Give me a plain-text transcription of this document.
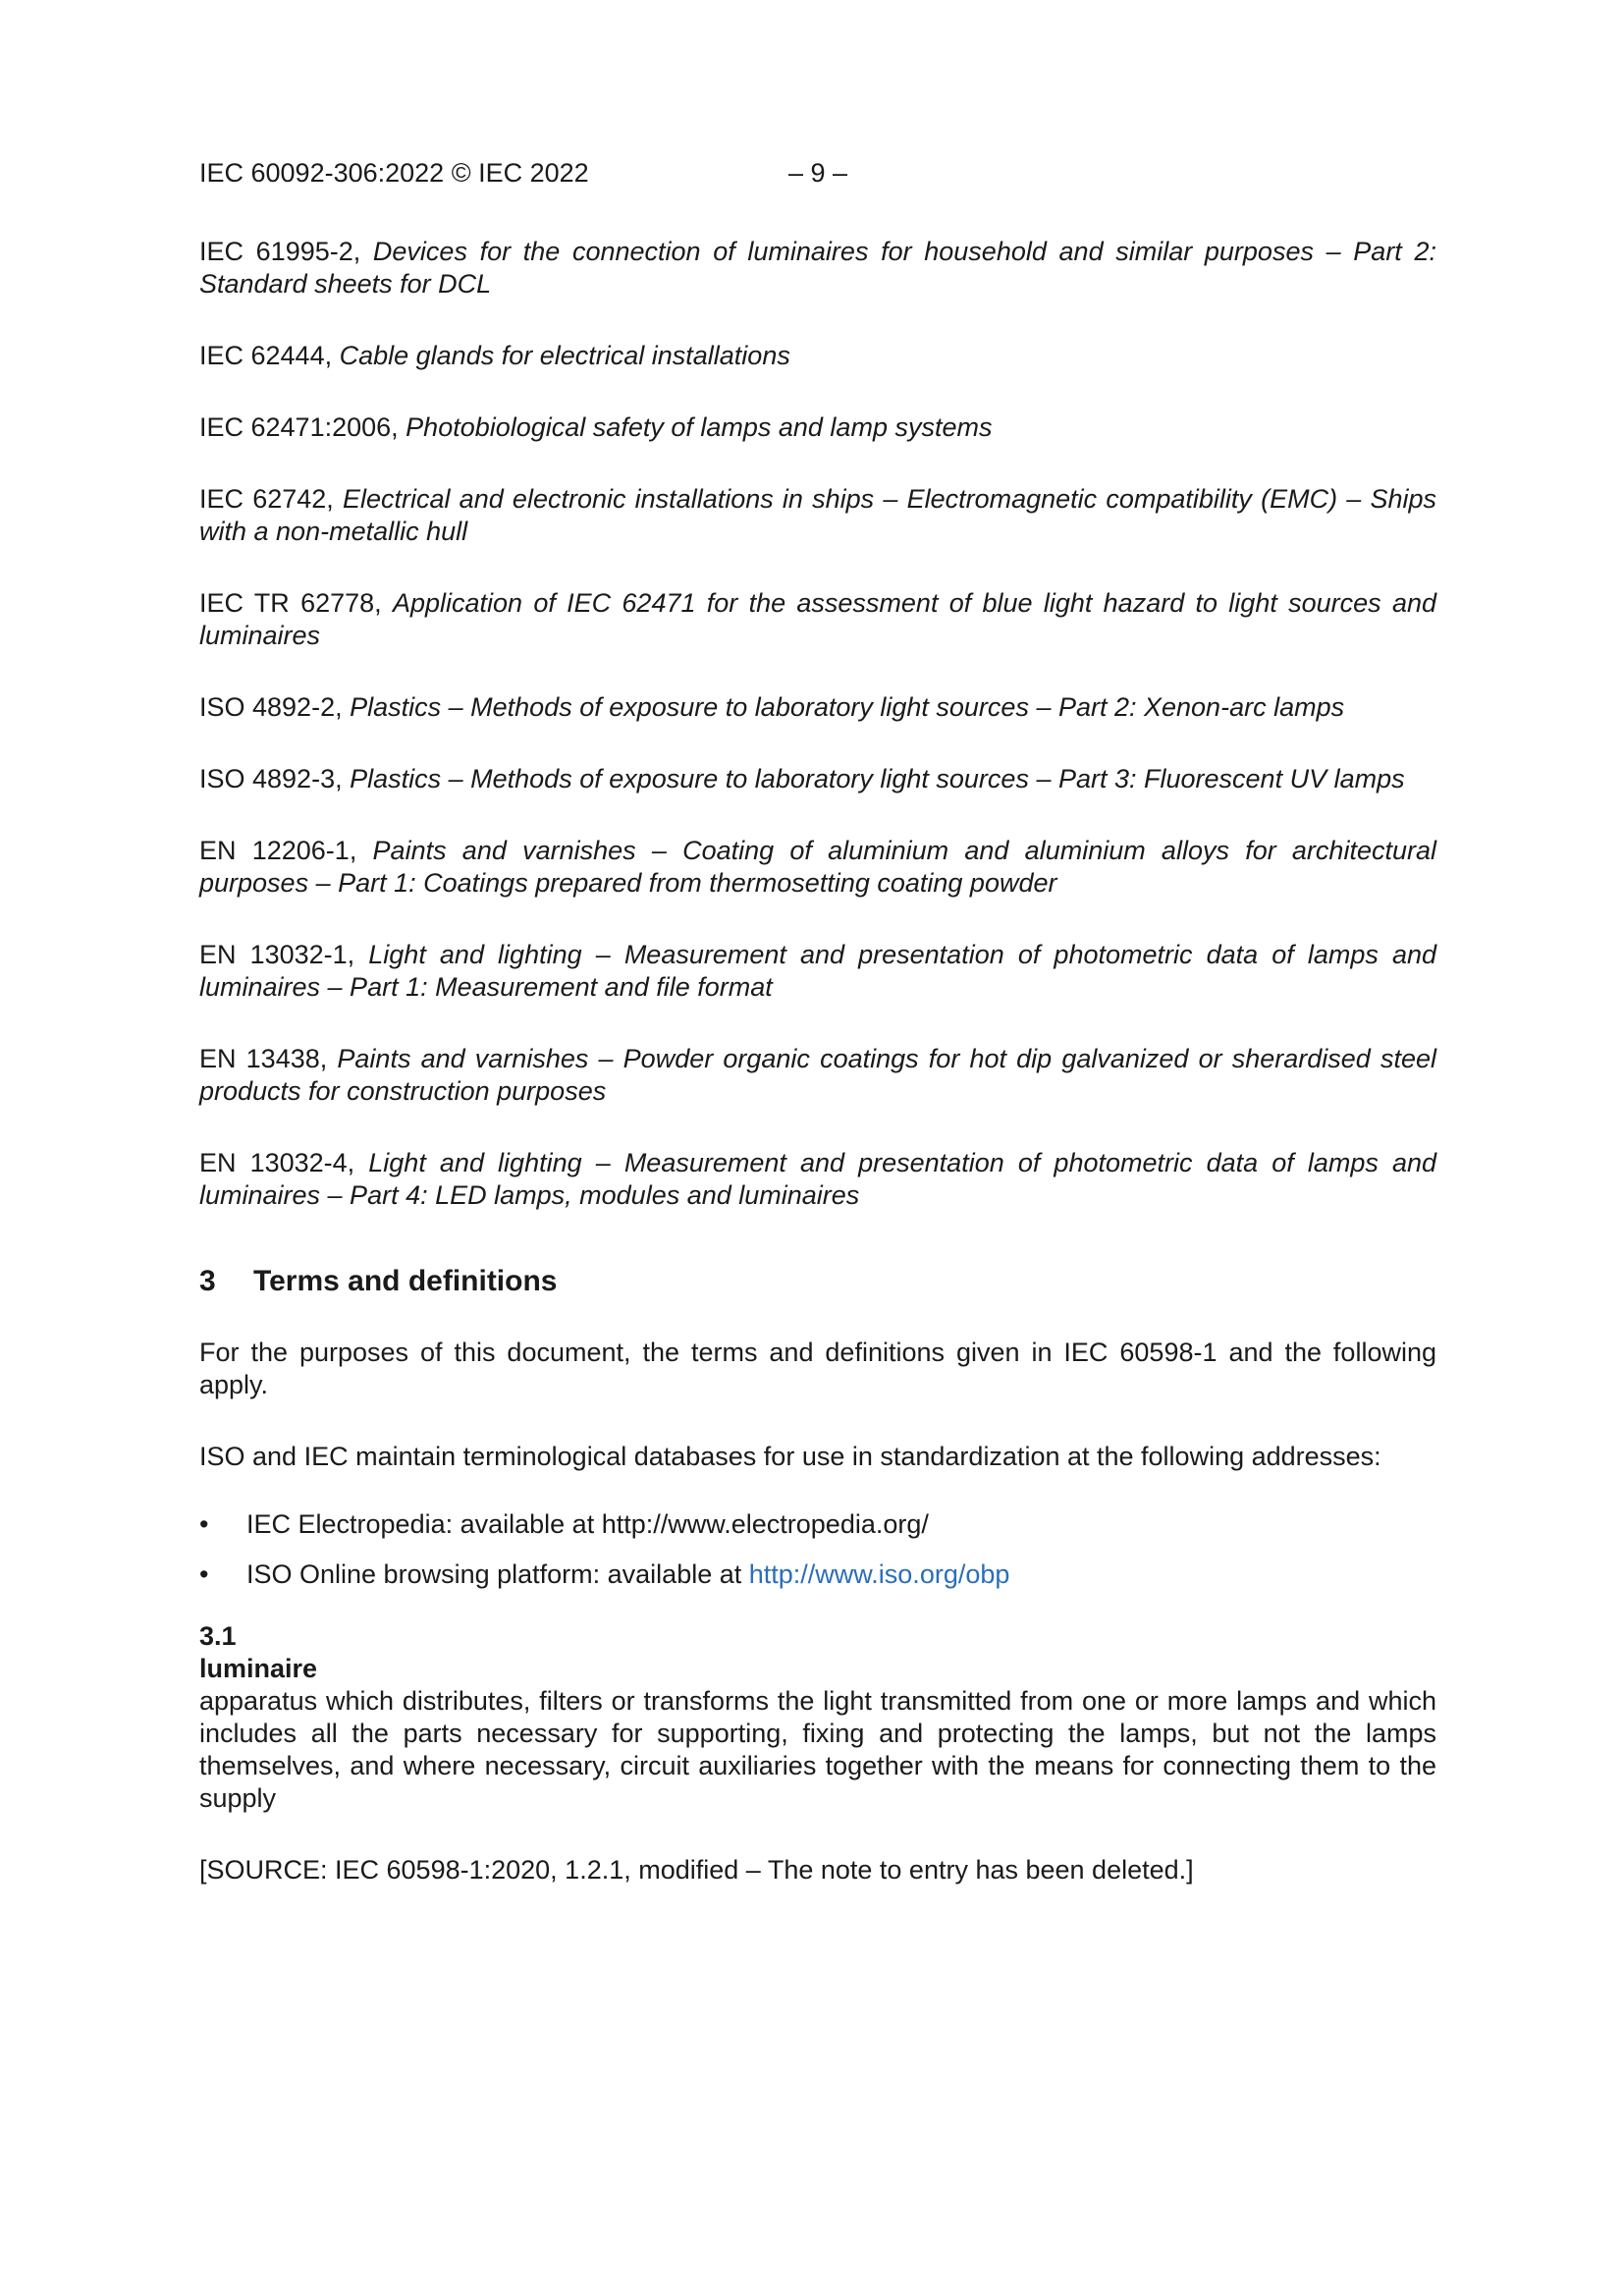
IEC 60092-306:2022 © IEC 2022	– 9 –
IEC 61995-2, Devices for the connection of luminaires for household and similar purposes – Part 2: Standard sheets for DCL
IEC 62444, Cable glands for electrical installations
IEC 62471:2006, Photobiological safety of lamps and lamp systems
IEC 62742, Electrical and electronic installations in ships – Electromagnetic compatibility (EMC) – Ships with a non-metallic hull
IEC TR 62778, Application of IEC 62471 for the assessment of blue light hazard to light sources and luminaires
ISO 4892-2, Plastics – Methods of exposure to laboratory light sources – Part 2: Xenon-arc lamps
ISO 4892-3, Plastics – Methods of exposure to laboratory light sources – Part 3: Fluorescent UV lamps
EN 12206-1, Paints and varnishes – Coating of aluminium and aluminium alloys for architectural purposes – Part 1: Coatings prepared from thermosetting coating powder
EN 13032-1, Light and lighting – Measurement and presentation of photometric data of lamps and luminaires – Part 1: Measurement and file format
EN 13438, Paints and varnishes – Powder organic coatings for hot dip galvanized or sherardised steel products for construction purposes
EN 13032-4, Light and lighting – Measurement and presentation of photometric data of lamps and luminaires – Part 4: LED lamps, modules and luminaires
3	Terms and definitions
For the purposes of this document, the terms and definitions given in IEC 60598-1 and the following apply.
ISO and IEC maintain terminological databases for use in standardization at the following addresses:
• IEC Electropedia: available at http://www.electropedia.org/
• ISO Online browsing platform: available at http://www.iso.org/obp
3.1
luminaire
apparatus which distributes, filters or transforms the light transmitted from one or more lamps and which includes all the parts necessary for supporting, fixing and protecting the lamps, but not the lamps themselves, and where necessary, circuit auxiliaries together with the means for connecting them to the supply
[SOURCE: IEC 60598-1:2020, 1.2.1, modified – The note to entry has been deleted.]
